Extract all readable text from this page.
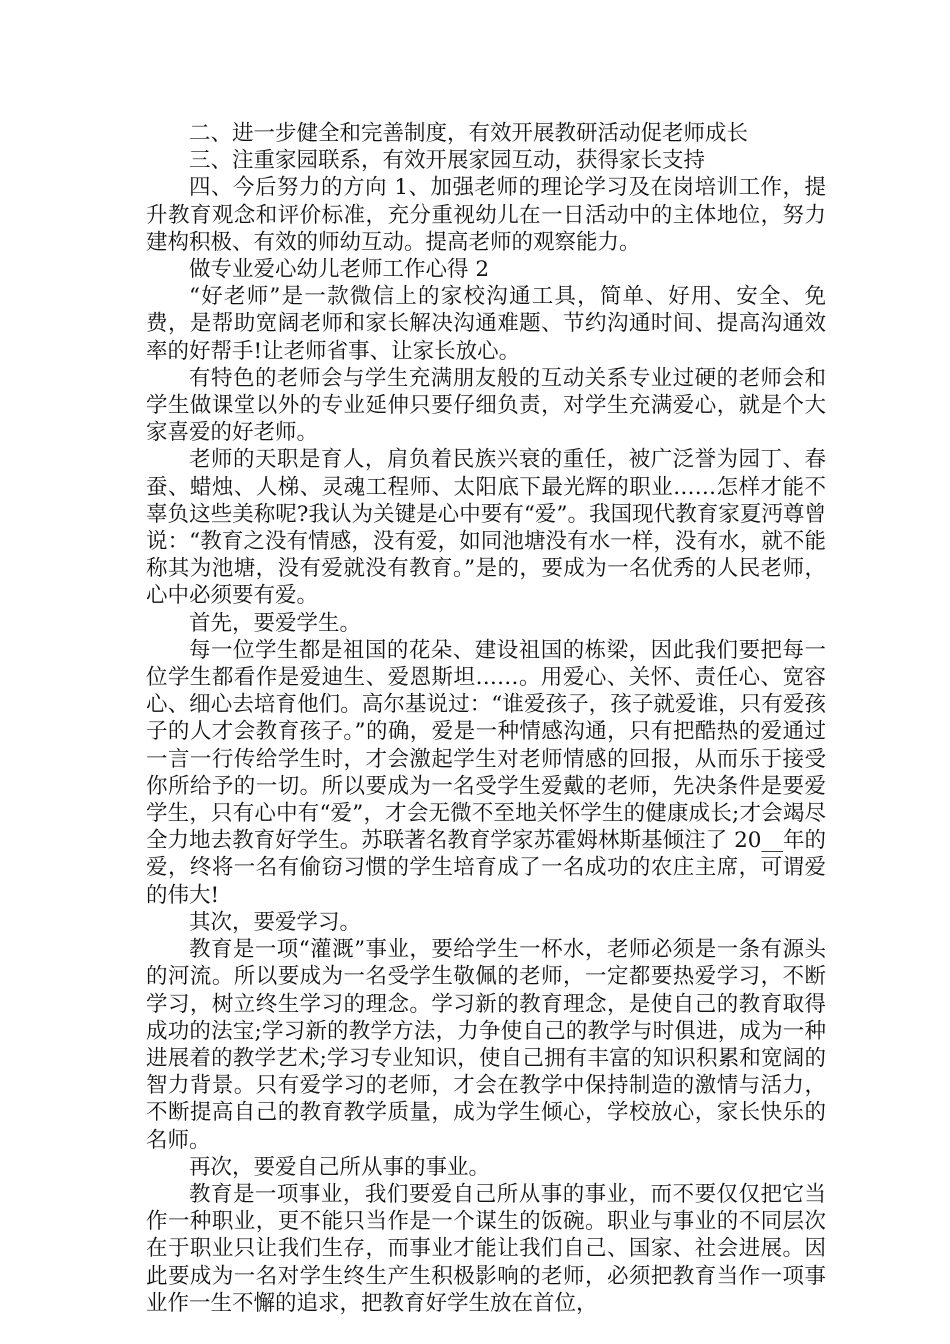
二、进一步健全和完善制度，有效开展教研活动促老师成长

三、注重家园联系，有效开展家园互动，获得家长支持

四、今后努力的方向 1、加强老师的理论学习及在岗培训工作，提升教育观念和评价标准，充分重视幼儿在一日活动中的主体地位，努力建构积极、有效的师幼互动。提高老师的观察能力。

做专业爱心幼儿老师工作心得 2

“好老师”是一款微信上的家校沟通工具，简单、好用、安全、免费，是帮助宽阔老师和家长解决沟通难题、节约沟通时间、提高沟通效率的好帮手!让老师省事、让家长放心。

有特色的老师会与学生充满朋友般的互动关系专业过硬的老师会和学生做课堂以外的专业延伸只要仔细负责，对学生充满爱心，就是个大家喜爱的好老师。

老师的天职是育人，肩负着民族兴衰的重任，被广泛誉为园丁、春蚕、蜡烛、人梯、灵魂工程师、太阳底下最光辉的职业……怎样才能不辜负这些美称呢?我认为关键是心中要有“爱”。我国现代教育家夏沔尊曾说：“教育之没有情感，没有爱，如同池塘没有水一样，没有水，就不能称其为池塘，没有爱就没有教育。”是的，要成为一名优秀的人民老师，心中必须要有爱。

首先，要爱学生。

每一位学生都是祖国的花朵、建设祖国的栋梁，因此我们要把每一位学生都看作是爱迪生、爱恩斯坦……。用爱心、关怀、责任心、宽容心、细心去培育他们。高尔基说过：“谁爱孩子，孩子就爱谁，只有爱孩子的人才会教育孩子。”的确，爱是一种情感沟通，只有把酷热的爱通过一言一行传给学生时，才会激起学生对老师情感的回报，从而乐于接受你所给予的一切。所以要成为一名受学生爱戴的老师，先决条件是要爱学生，只有心中有“爱”，才会无微不至地关怀学生的健康成长;才会竭尽全力地去教育好学生。苏联著名教育学家苏霍姆林斯基倾注了 20__年的爱，终将一名有偷窃习惯的学生培育成了一名成功的农庄主席，可谓爱的伟大!

其次，要爱学习。

教育是一项“灌溉”事业，要给学生一杯水，老师必须是一条有源头的河流。所以要成为一名受学生敬佩的老师，一定都要热爱学习，不断学习，树立终生学习的理念。学习新的教育理念，是使自己的教育取得成功的法宝;学习新的教学方法，力争使自己的教学与时俱进，成为一种进展着的教学艺术;学习专业知识，使自己拥有丰富的知识积累和宽阔的智力背景。只有爱学习的老师，才会在教学中保持制造的激情与活力，不断提高自己的教育教学质量，成为学生倾心，学校放心，家长快乐的名师。

再次，要爱自己所从事的事业。

教育是一项事业，我们要爱自己所从事的事业，而不要仅仅把它当作一种职业，更不能只当作是一个谋生的饭碗。职业与事业的不同层次在于职业只让我们生存，而事业才能让我们自己、国家、社会进展。因此要成为一名对学生终生产生积极影响的老师，必须把教育当作一项事业作一生不懈的追求，把教育好学生放在首位，
